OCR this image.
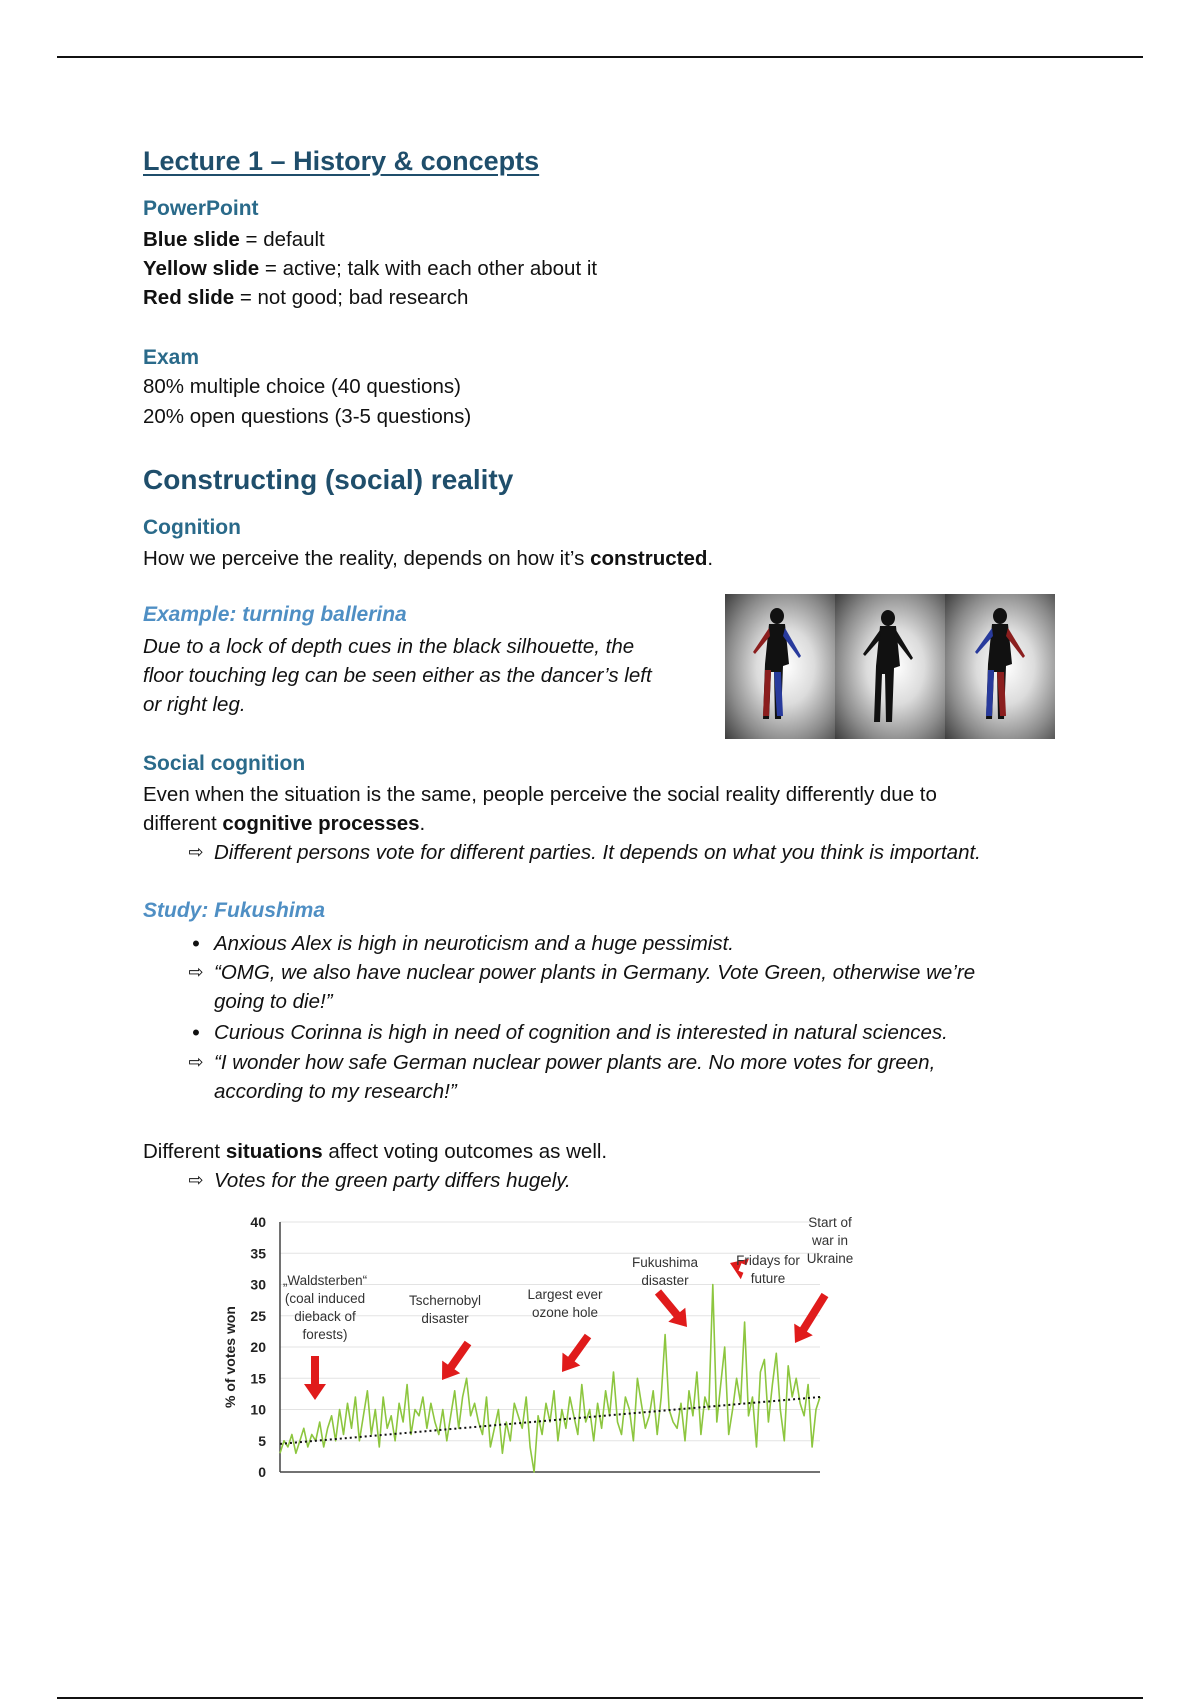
Lecture 1 – History & concepts
PowerPoint
Blue slide = default
Yellow slide = active; talk with each other about it
Red slide = not good; bad research
Exam
80% multiple choice (40 questions)
20% open questions (3-5 questions)
Constructing (social) reality
Cognition
How we perceive the reality, depends on how it’s constructed.
Example: turning ballerina
Due to a lock of depth cues in the black silhouette, the
floor touching leg can be seen either as the dancer’s left
or right leg.
Social cognition
Even when the situation is the same, people perceive the social reality differently due to
different cognitive processes.
⇨ Different persons vote for different parties. It depends on what you think is important.
Study: Fukushima
• Anxious Alex is high in neuroticism and a huge pessimist.
⇨ “OMG, we also have nuclear power plants in Germany. Vote Green, otherwise we’re
going to die!”
• Curious Corinna is high in need of cognition and is interested in natural sciences.
⇨ “I wonder how safe German nuclear power plants are. No more votes for green,
according to my research!”
Different situations affect voting outcomes as well.
⇨ Votes for the green party differs hugely.
0
5
10
15
20
25
30
35
40
% of votes won
„Waldsterben“
(coal induced
dieback of
forests)
Tschernobyl
disaster
Largest ever
ozone hole
Fukushima
disaster
Fridays for
future
Start of
war in
Ukraine
